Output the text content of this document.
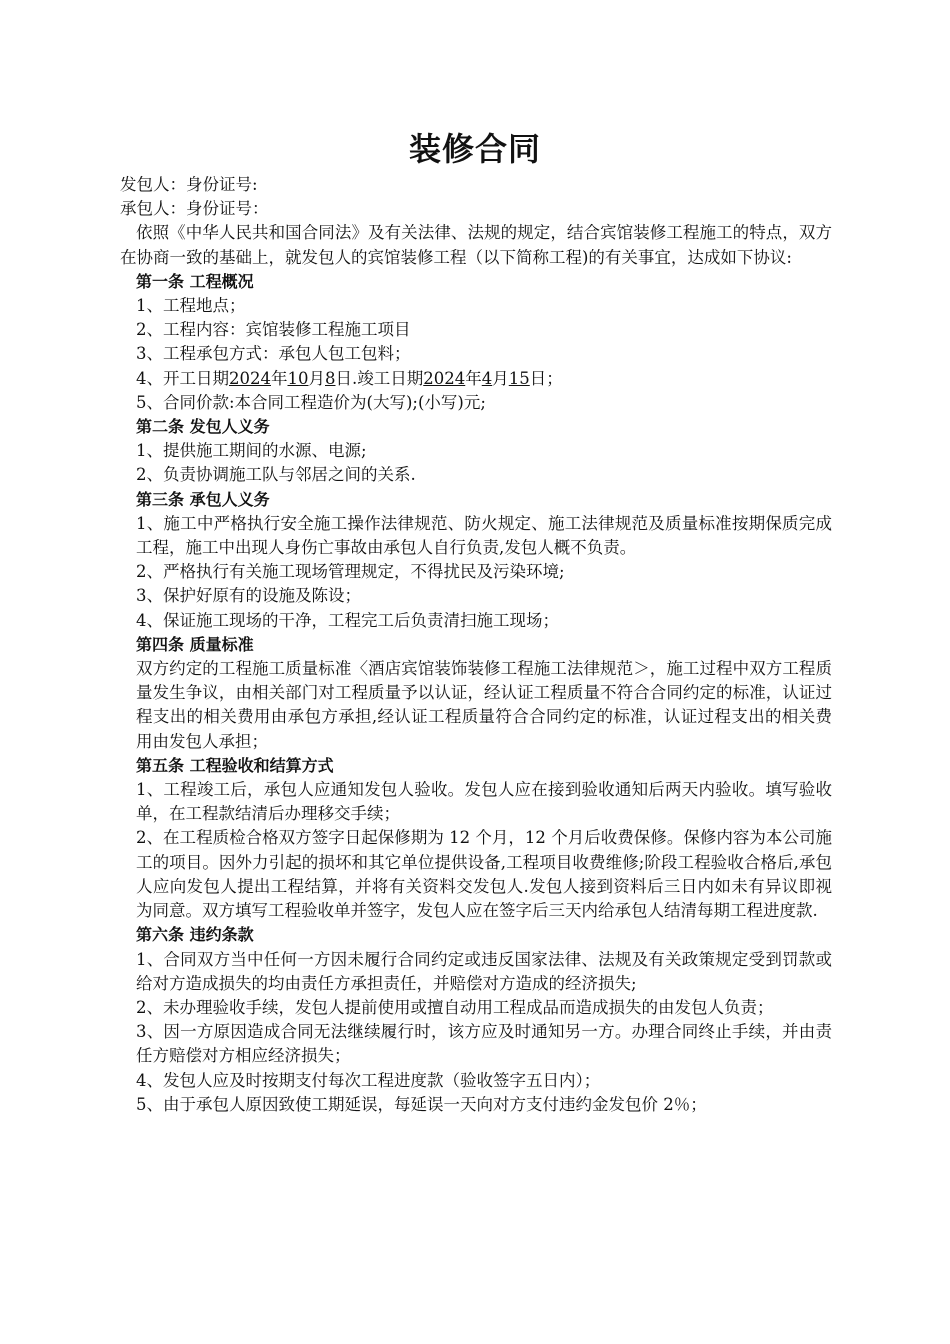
装修合同
发包人：身份证号:
承包人：身份证号：
依照《中华人民共和国合同法》及有关法律、法规的规定，结合宾馆装修工程施工的特点，双方在协商一致的基础上，就发包人的宾馆装修工程（以下简称工程)的有关事宜，达成如下协议:
第一条 工程概况
1、工程地点；
2、工程内容：宾馆装修工程施工项目
3、工程承包方式：承包人包工包料；
4、开工日期2024年10月8日.竣工日期2024年4月15日；
5、合同价款:本合同工程造价为(大写);(小写)元;
第二条 发包人义务
1、提供施工期间的水源、电源;
2、负责协调施工队与邻居之间的关系.
第三条 承包人义务
1、施工中严格执行安全施工操作法律规范、防火规定、施工法律规范及质量标准按期保质完成工程，施工中出现人身伤亡事故由承包人自行负责,发包人概不负责。
2、严格执行有关施工现场管理规定，不得扰民及污染环境;
3、保护好原有的设施及陈设；
4、保证施工现场的干净，工程完工后负责清扫施工现场；
第四条 质量标准
双方约定的工程施工质量标准〈酒店宾馆装饰装修工程施工法律规范＞，施工过程中双方工程质量发生争议，由相关部门对工程质量予以认证，经认证工程质量不符合合同约定的标准，认证过程支出的相关费用由承包方承担,经认证工程质量符合合同约定的标准，认证过程支出的相关费用由发包人承担；
第五条 工程验收和结算方式
1、工程竣工后，承包人应通知发包人验收。发包人应在接到验收通知后两天内验收。填写验收单，在工程款结清后办理移交手续；
2、在工程质检合格双方签字日起保修期为 12 个月，12 个月后收费保修。保修内容为本公司施工的项目。因外力引起的损坏和其它单位提供设备,工程项目收费维修;阶段工程验收合格后,承包人应向发包人提出工程结算，并将有关资料交发包人.发包人接到资料后三日内如未有异议即视为同意。双方填写工程验收单并签字，发包人应在签字后三天内给承包人结清每期工程进度款.
第六条 违约条款
1、合同双方当中任何一方因未履行合同约定或违反国家法律、法规及有关政策规定受到罚款或给对方造成损失的均由责任方承担责任，并赔偿对方造成的经济损失;
2、未办理验收手续，发包人提前使用或擅自动用工程成品而造成损失的由发包人负责；
3、因一方原因造成合同无法继续履行时，该方应及时通知另一方。办理合同终止手续，并由责任方赔偿对方相应经济损失；
4、发包人应及时按期支付每次工程进度款（验收签字五日内）；
5、由于承包人原因致使工期延误，每延误一天向对方支付违约金发包价 2％；
